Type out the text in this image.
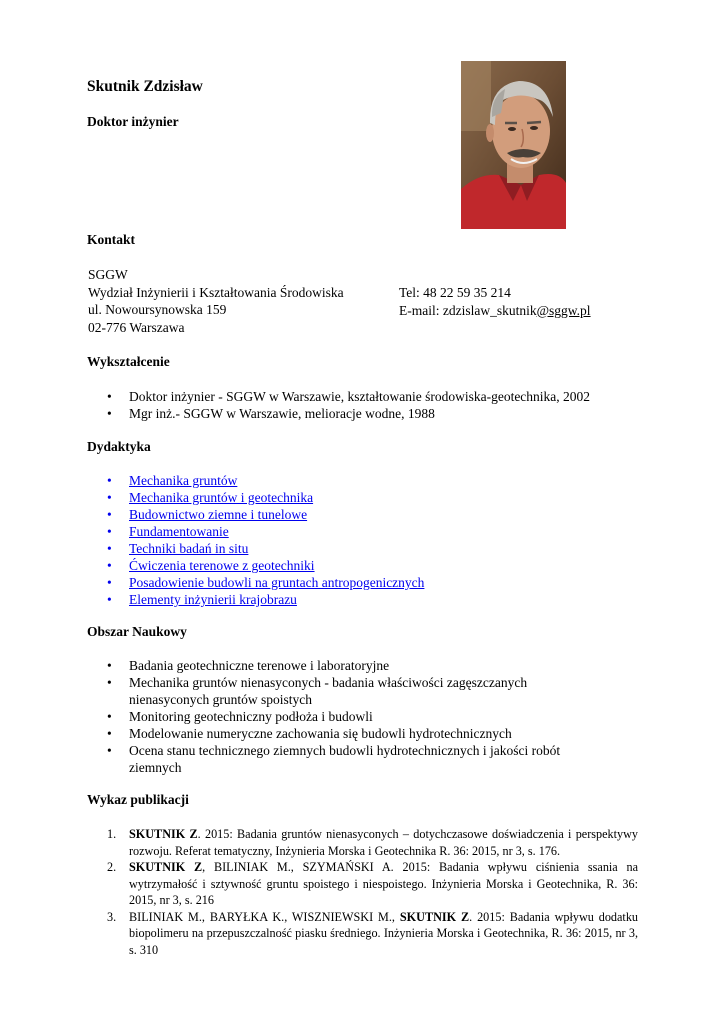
Skutnik Zdzisław
Doktor inżynier
Kontakt
SGGW
Wydział Inżynierii i Kształtowania Środowiska
ul. Nowoursynowska 159
02-776 Warszawa
Tel: 48 22 59 35 214
E-mail: zdzislaw_skutnik@sggw.pl
Wykształcenie
• Doktor inżynier - SGGW w Warszawie, kształtowanie środowiska-geotechnika, 2002
• Mgr inż.- SGGW w Warszawie, melioracje wodne, 1988
Dydaktyka
• Mechanika gruntów
• Mechanika gruntów i geotechnika
• Budownictwo ziemne i tunelowe
• Fundamentowanie
• Techniki badań in situ
• Ćwiczenia terenowe z geotechniki
• Posadowienie budowli na gruntach antropogenicznych
• Elementy inżynierii krajobrazu
Obszar Naukowy
• Badania geotechniczne terenowe i laboratoryjne
• Mechanika gruntów nienasyconych - badania właściwości zagęszczanych nienasyconych gruntów spoistych
• Monitoring geotechniczny podłoża i budowli
• Modelowanie numeryczne zachowania się budowli hydrotechnicznych
• Ocena stanu technicznego ziemnych budowli hydrotechnicznych i jakości robót ziemnych
Wykaz publikacji
1. SKUTNIK Z. 2015: Badania gruntów nienasyconych – dotychczasowe doświadczenia i perspektywy rozwoju. Referat tematyczny, Inżynieria Morska i Geotechnika R. 36: 2015, nr 3, s. 176.
2. SKUTNIK Z, BILINIAK M., SZYMAŃSKI A. 2015: Badania wpływu ciśnienia ssania na wytrzymałość i sztywność gruntu spoistego i niespoistego. Inżynieria Morska i Geotechnika, R. 36: 2015, nr 3, s. 216
3. BILINIAK M., BARYŁKA K., WISZNIEWSKI M., SKUTNIK Z. 2015: Badania wpływu dodatku biopolimeru na przepuszczalność piasku średniego. Inżynieria Morska i Geotechnika, R. 36: 2015, nr 3, s. 310
